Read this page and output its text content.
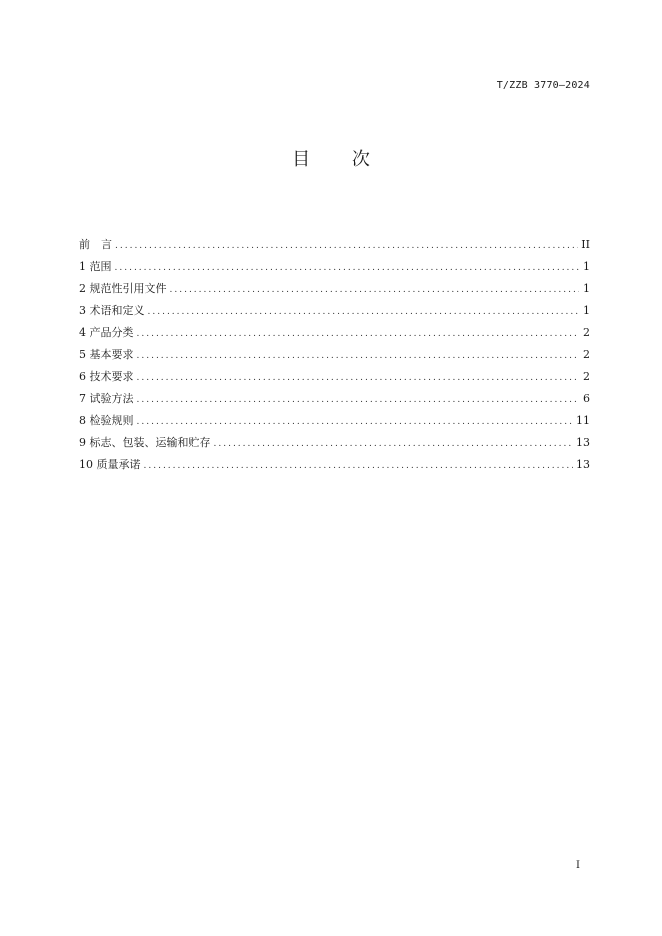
T/ZZB 3770—2024
目 次
前　言 .....	II
1 范围 .....	1
2 规范性引用文件 .....	1
3 术语和定义 .....	1
4 产品分类 .....	2
5 基本要求 .....	2
6 技术要求 .....	2
7 试验方法 .....	6
8 检验规则 .....	11
9 标志、包装、运输和贮存 .....	13
10 质量承诺 .....	13
I
